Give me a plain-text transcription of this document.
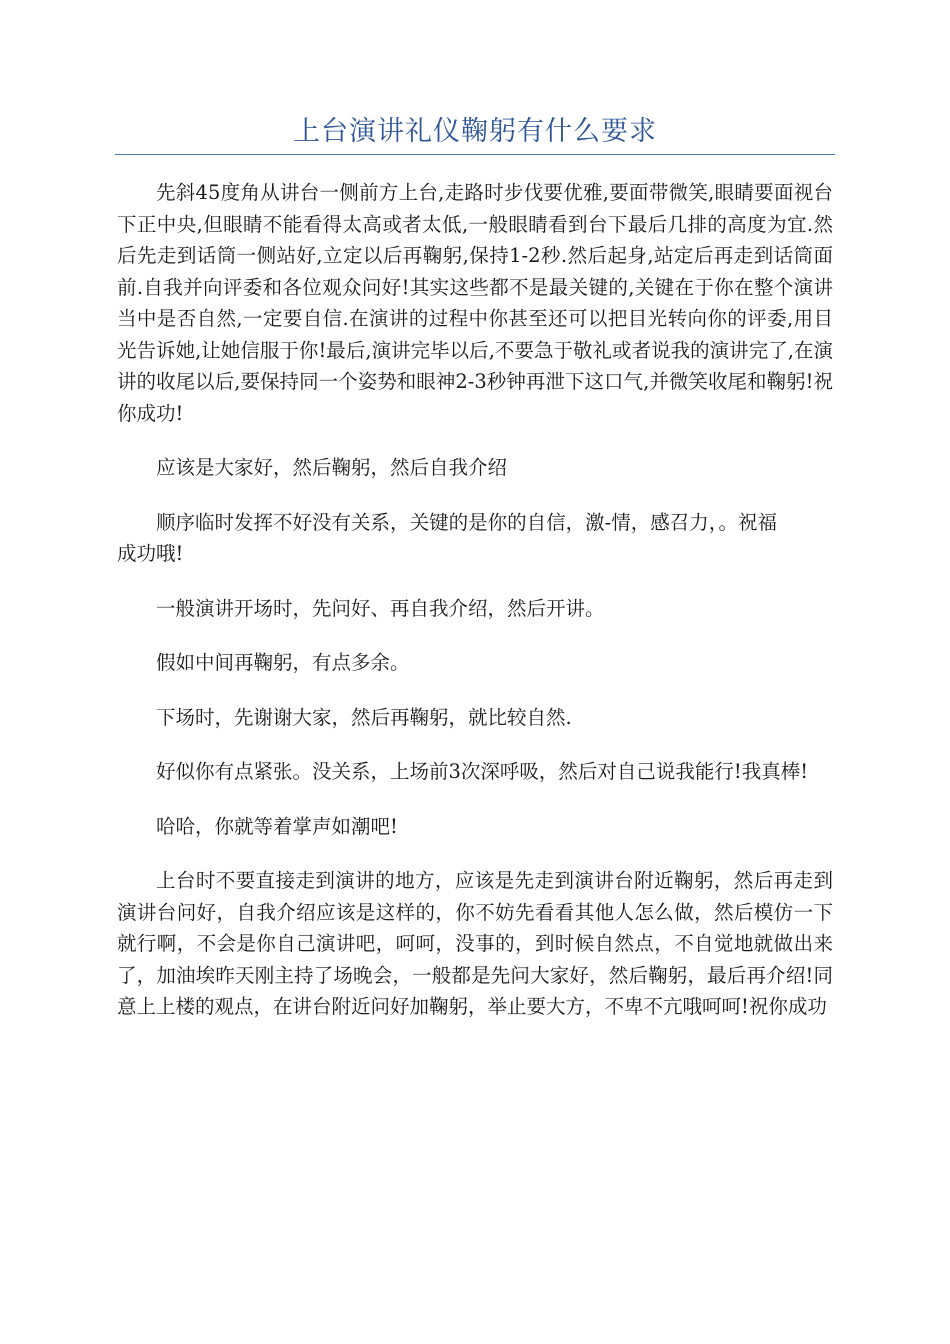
上台演讲礼仪鞠躬有什么要求

先斜45度角从讲台一侧前方上台,走路时步伐要优雅,要面带微笑,眼睛要面视台下正中央,但眼睛不能看得太高或者太低,一般眼睛看到台下最后几排的高度为宜.然后先走到话筒一侧站好,立定以后再鞠躬,保持1-2秒.然后起身,站定后再走到话筒面前.自我并向评委和各位观众问好!其实这些都不是最关键的,关键在于你在整个演讲当中是否自然,一定要自信.在演讲的过程中你甚至还可以把目光转向你的评委,用目光告诉她,让她信服于你!最后,演讲完毕以后,不要急于敬礼或者说我的演讲完了,在演讲的收尾以后,要保持同一个姿势和眼神2-3秒钟再泄下这口气,并微笑收尾和鞠躬!祝你成功!

应该是大家好，然后鞠躬，然后自我介绍

顺序临时发挥不好没有关系，关键的是你的自信，激-情，感召力，。祝福成功哦!

一般演讲开场时，先问好、再自我介绍，然后开讲。

假如中间再鞠躬，有点多余。

下场时，先谢谢大家，然后再鞠躬，就比较自然.

好似你有点紧张。没关系，上场前3次深呼吸，然后对自己说我能行!我真棒!

哈哈，你就等着掌声如潮吧!

上台时不要直接走到演讲的地方，应该是先走到演讲台附近鞠躬，然后再走到演讲台问好，自我介绍应该是这样的，你不妨先看看其他人怎么做，然后模仿一下就行啊，不会是你自己演讲吧，呵呵，没事的，到时候自然点，不自觉地就做出来了，加油埃昨天刚主持了场晚会，一般都是先问大家好，然后鞠躬，最后再介绍!同意上上楼的观点，在讲台附近问好加鞠躬，举止要大方，不卑不亢哦呵呵!祝你成功
